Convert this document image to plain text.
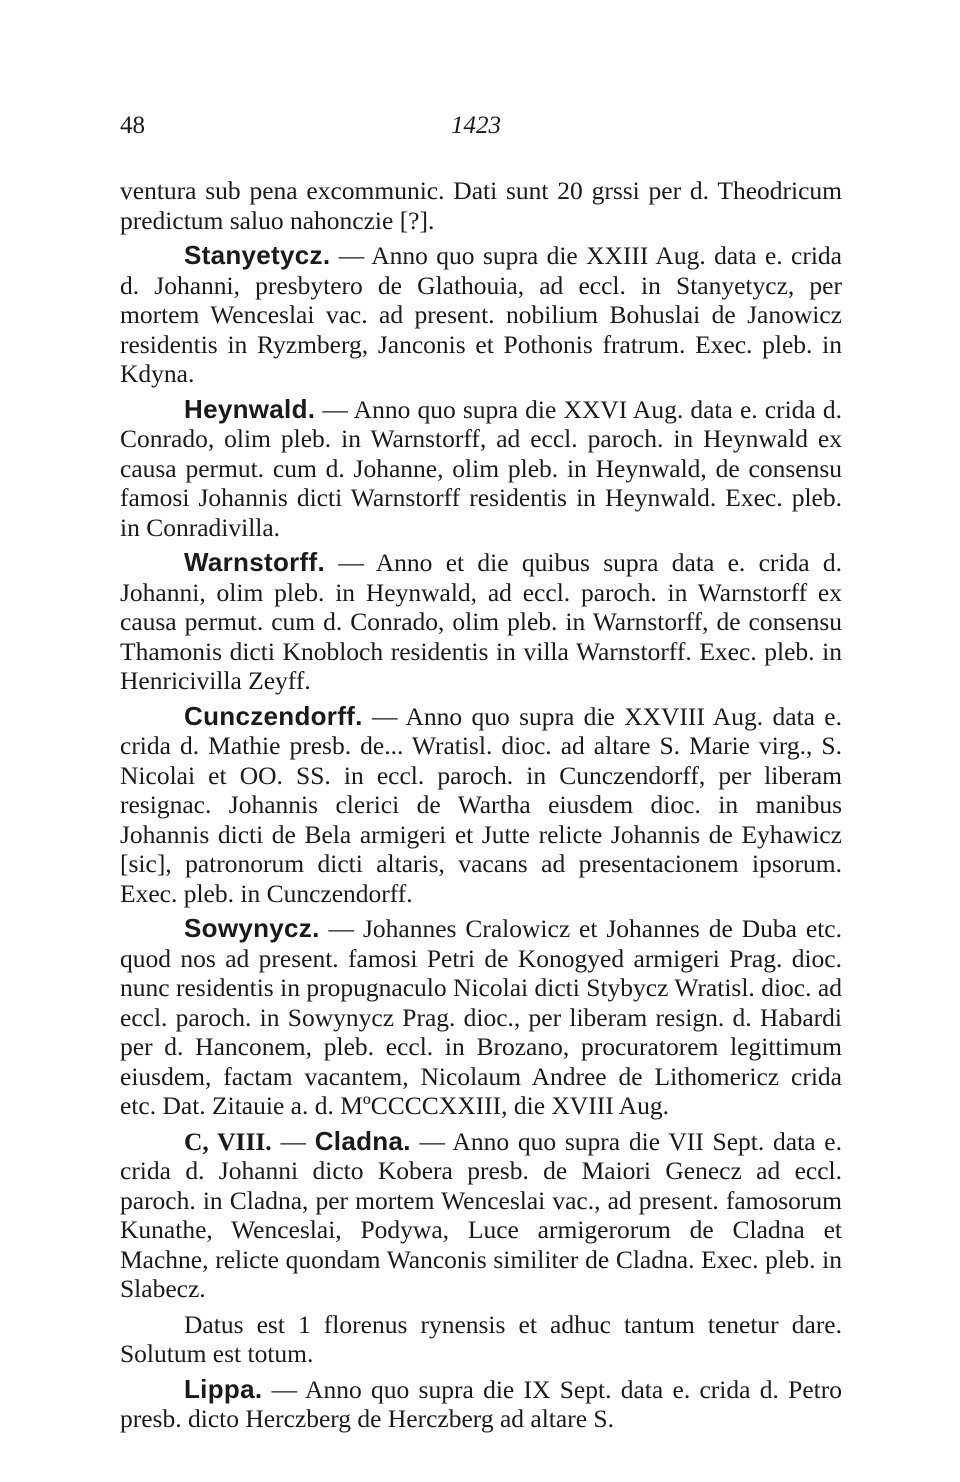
48	1423

ventura sub pena excommunic. Dati sunt 20 grssi per d. Theodricum predictum saluo nahonczie [?].

Stanyetycz. — Anno quo supra die XXIII Aug. data e. crida d. Johanni, presbytero de Glathouia, ad eccl. in Stanyetycz, per mortem Wenceslai vac. ad present. nobilium Bohuslai de Janowicz residentis in Ryzmberg, Janconis et Pothonis fratrum. Exec. pleb. in Kdyna.

Heynwald. — Anno quo supra die XXVI Aug. data e. crida d. Conrado, olim pleb. in Warnstorff, ad eccl. paroch. in Heynwald ex causa permut. cum d. Johanne, olim pleb. in Heynwald, de consensu famosi Johannis dicti Warnstorff residentis in Heynwald. Exec. pleb. in Conradivilla.

Warnstorff. — Anno et die quibus supra data e. crida d. Johanni, olim pleb. in Heynwald, ad eccl. paroch. in Warnstorff ex causa permut. cum d. Conrado, olim pleb. in Warnstorff, de consensu Thamonis dicti Knobloch residentis in villa Warnstorff. Exec. pleb. in Henricivilla Zeyff.

Cunczendorff. — Anno quo supra die XXVIII Aug. data e. crida d. Mathie presb. de... Wratisl. dioc. ad altare S. Marie virg., S. Nicolai et OO. SS. in eccl. paroch. in Cunczendorff, per liberam resignac. Johannis clerici de Wartha eiusdem dioc. in manibus Johannis dicti de Bela armigeri et Jutte relicte Johannis de Eyhawicz [sic], patronorum dicti altaris, vacans ad presentacionem ipsorum. Exec. pleb. in Cunczendorff.

Sowynycz. — Johannes Cralowicz et Johannes de Duba etc. quod nos ad present. famosi Petri de Konogyed armigeri Prag. dioc. nunc residentis in propugnaculo Nicolai dicti Stybycz Wratisl. dioc. ad eccl. paroch. in Sowynycz Prag. dioc., per liberam resign. d. Habardi per d. Hanconem, pleb. eccl. in Brozano, procuratorem legittimum eiusdem, factam vacantem, Nicolaum Andree de Lithomericz crida etc. Dat. Zitauie a. d. MºCCCCXXIII, die XVIII Aug.

C, VIII. — Cladna. — Anno quo supra die VII Sept. data e. crida d. Johanni dicto Kobera presb. de Maiori Genecz ad eccl. paroch. in Cladna, per mortem Wenceslai vac., ad present. famosorum Kunathe, Wenceslai, Podywa, Luce armigerorum de Cladna et Machne, relicte quondam Wanconis similiter de Cladna. Exec. pleb. in Slabecz.

Datus est 1 florenus rynensis et adhuc tantum tenetur dare. Solutum est totum.

Lippa. — Anno quo supra die IX Sept. data e. crida d. Petro presb. dicto Herczberg de Herczberg ad altare S.
